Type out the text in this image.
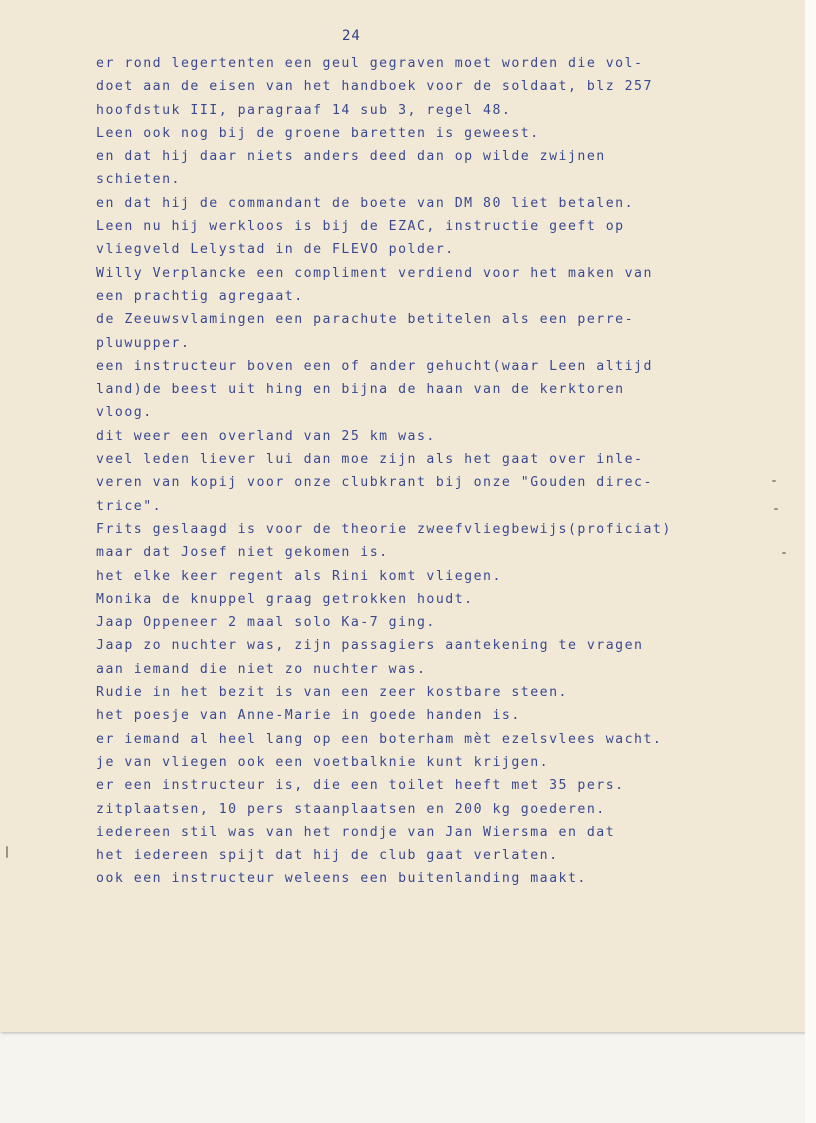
24
er rond legertenten een geul gegraven moet worden die vol-
doet aan de eisen van het handboek voor de soldaat, blz 257
hoofdstuk III, paragraaf 14 sub 3, regel 48.
Leen ook nog bij de groene baretten is geweest.
en dat hij daar niets anders deed dan op wilde zwijnen
schieten.
en dat hij de commandant de boete van DM 80 liet betalen.
Leen nu hij werkloos is bij de EZAC, instructie geeft op
vliegveld Lelystad in de FLEVO polder.
Willy Verplancke een compliment verdiend voor het maken van
een prachtig agregaat.
de Zeeuwsvlamingen een parachute betitelen als een perre-
pluwupper.
een instructeur boven een of ander gehucht(waar Leen altijd
land)de beest uit hing en bijna de haan van de kerktoren
vloog.
dit weer een overland van 25 km was.
veel leden liever lui dan moe zijn als het gaat over inle-
veren van kopij voor onze clubkrant bij onze "Gouden direc-
trice".
Frits geslaagd is voor de theorie zweefvliegbewijs(proficiat)
maar dat Josef niet gekomen is.
het elke keer regent als Rini komt vliegen.
Monika de knuppel graag getrokken houdt.
Jaap Oppeneer 2 maal solo Ka-7 ging.
Jaap zo nuchter was, zijn passagiers aantekening te vragen
aan iemand die niet zo nuchter was.
Rudie in het bezit is van een zeer kostbare steen.
het poesje van Anne-Marie in goede handen is.
er iemand al heel lang op een boterham mèt ezelsvlees wacht.
je van vliegen ook een voetbalknie kunt krijgen.
er een instructeur is, die een toilet heeft met 35 pers.
zitplaatsen, 10 pers staanplaatsen en 200 kg goederen.
iedereen stil was van het rondje van Jan Wiersma en dat
het iedereen spijt dat hij de club gaat verlaten.
ook een instructeur weleens een buitenlanding maakt.
